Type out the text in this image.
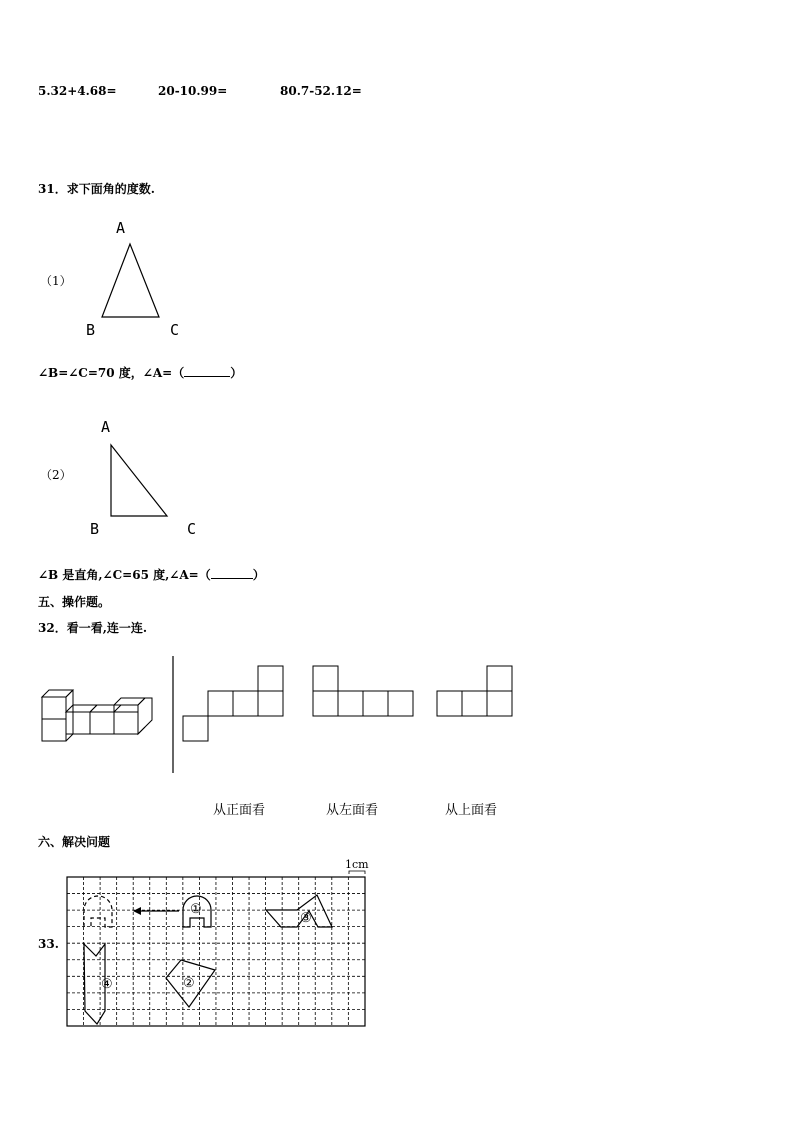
5.32+4.68=	20-10.99=	80.7-52.12=
31．求下面角的度数.
（1）
A
B	C
∠B=∠C=70 度，∠A=（	）
（2）
A
B	C
∠B 是直角,∠C=65 度,∠A=（	）
五、操作题。
32．看一看,连一连.
从正面看	从左面看	从上面看
六、解决问题
33.
1cm
①
③
④	②
